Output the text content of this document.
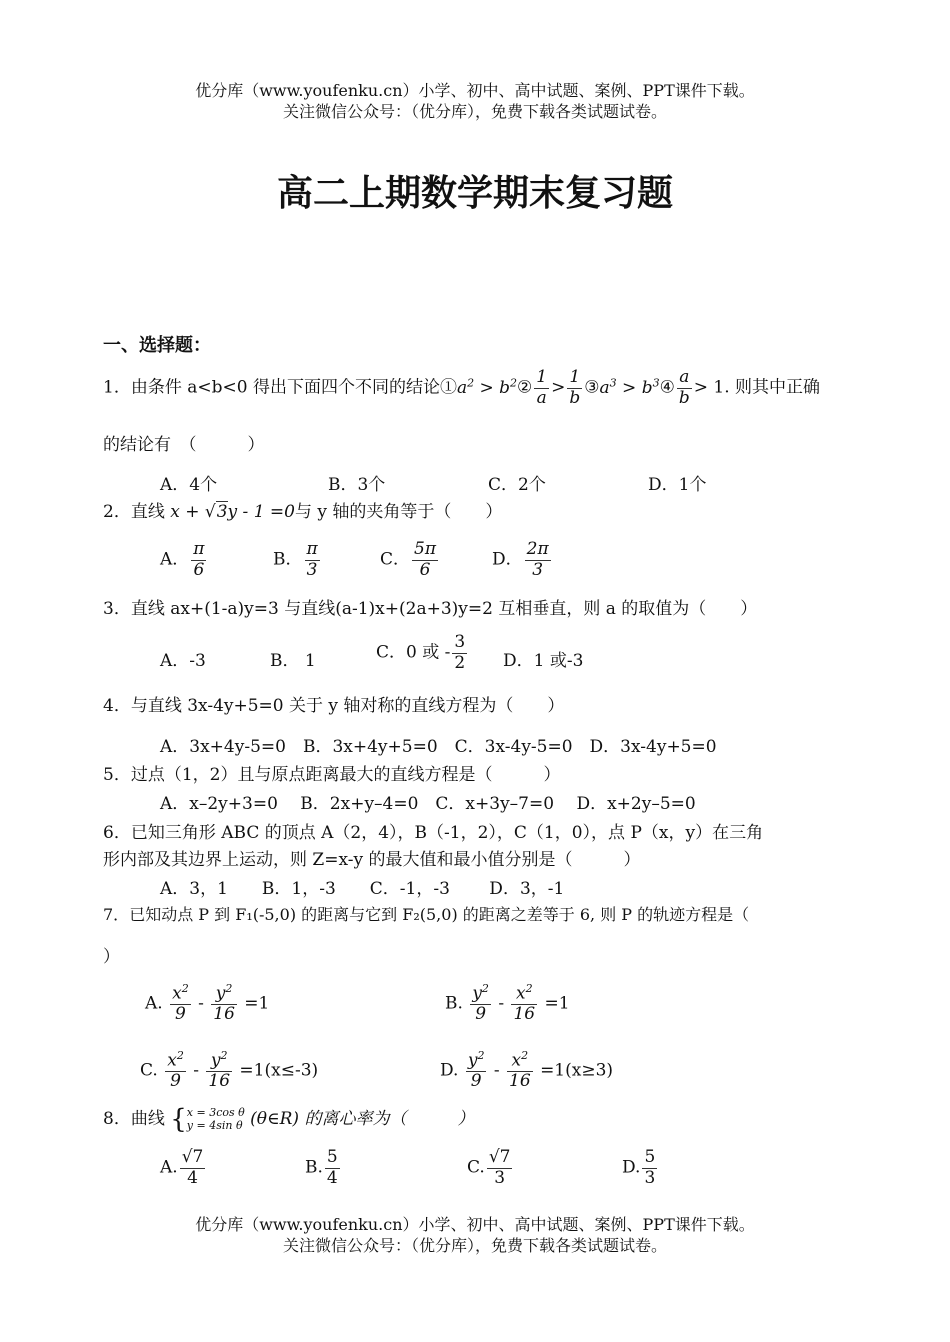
优分库（www.youfenku.cn）小学、初中、高中试题、案例、PPT课件下载。
关注微信公众号：（优分库），免费下载各类试题试卷。
高二上期数学期末复习题
一、选择题：
1．由条件 a<b<0 得出下面四个不同的结论$①a^2$ > $b^2② \frac{1}{a} > \frac{1}{b}$ $③a^3$ > $b^3④ \frac{a}{b} > 1$. 则其中正确
的结论有　（　　　）
A．4个	B．3个	C．2个	D．1个
2．直线 x + √3y - 1 =0与 y 轴的夹角等于（　　）
A． $\frac{\pi}{6}$	B． $\frac{\pi}{3}$	C． $\frac{5\pi}{6}$	D． $\frac{2\pi}{3}$
3．直线 ax+(1-a)y=3 与直线(a-1)x+(2a+3)y=2 互相垂直，则 a 的取值为（　　）
A．-3	B． 1	C．0 或 - $\frac{3}{2}$ D．1 或-3
4．与直线 3x-4y+5=0 关于 y 轴对称的直线方程为（　　）
A．3x+4y-5=0　B．3x+4y+5=0　C．3x-4y-5=0　D．3x-4y+5=0
5．过点（1，2）且与原点距离最大的直线方程是（　　　）
A．x–2y+3=0　 B．2x+y–4=0　C．x+3y–7=0　 D．x+2y–5=0
6．已知三角形 ABC 的顶点 A（2，4），B（-1，2），C（1，0），点 P（x，y）在三角
形内部及其边界上运动，则 Z=x-y 的最大值和最小值分别是（　　　）
A．3，1　　B．1，-3　　C．-1，-3　　 D．3，-1
7．已知动点 P 到 F₁(-5,0) 的距离与它到 F₂(5,0) 的距离之差等于 6, 则 P 的轨迹方程是（
）
A. $\frac{x^2}{9} - \frac{y^2}{16} =1$	B. $\frac{y^2}{9} - \frac{x^2}{16} =1$
C. $\frac{x^2}{9} - \frac{y^2}{16} =1(x\le-3)$	D. $\frac{y^2}{9} - \frac{x^2}{16} =1(x\ge 3)$
8．曲线 { x = 3cos θ
y = 4sin θ (θ∈R) 的离心率为（　　　）
A. $\frac{√7}{4}$	B. $\frac{5}{4}$	C. $\frac{√7}{3}$	D. $\frac{5}{3}$
优分库（www.youfenku.cn）小学、初中、高中试题、案例、PPT课件下载。
关注微信公众号：（优分库），免费下载各类试题试卷。
